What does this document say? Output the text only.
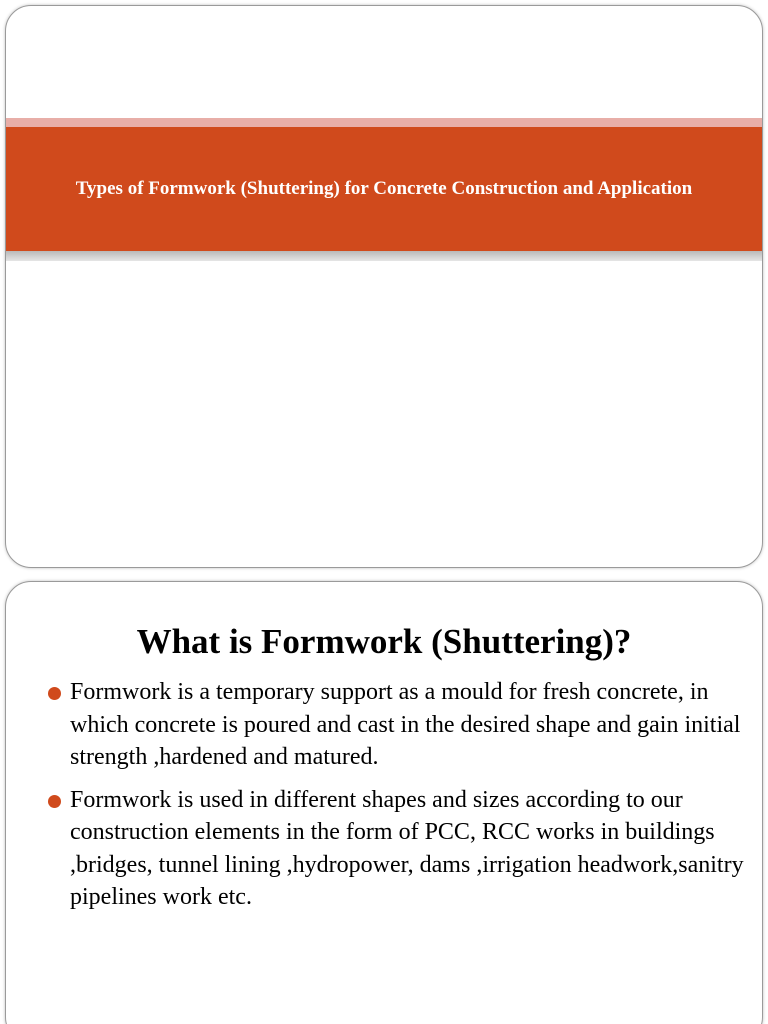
Types of Formwork (Shuttering) for Concrete Construction and Application

What is Formwork (Shuttering)?
Formwork is a temporary support as a mould for fresh concrete, in which concrete is poured and cast in the desired shape and gain initial strength ,hardened and matured.
Formwork is used in different shapes and sizes according to our construction elements in the form of PCC, RCC works in buildings ,bridges, tunnel lining ,hydropower, dams ,irrigation headwork,sanitry pipelines work etc.
